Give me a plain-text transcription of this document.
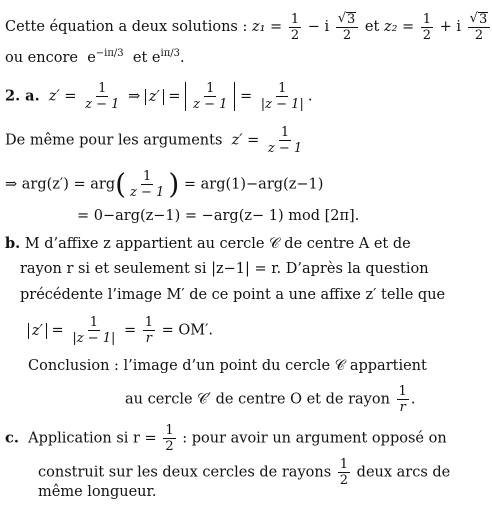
Cette équation a deux solutions : $z_1 = \frac{1}{2} - i \frac{√ 3}{2}$ et $z_2 = \frac{1}{2} + i \frac{√ 3}{2}$
ou encore $e^{-i\pi/3}$ et $e^{i\pi/3}$.
2. a. $z' = \frac{1}{z - 1}$ ⇒ $z' = \frac{1}{z - 1} = \frac{1}{|z - 1|}$ .
De même pour les arguments $z' = \frac{1}{z - 1}$
⇒ $arg(z') = arg( \frac{1}{z - 1}$ ) = arg(1)−arg(z−1)
= 0−arg(z−1) = −arg(z− 1) mod [2π].
b. M d’affixe z appartient au cercle 𝒞 de centre A et de
rayon r si et seulement si |z−1| = r. D’après la question
précédente l’image M′ de ce point a une affixe z′ telle que
$z' = \frac{1}{|z - 1|} = \frac{1}{r} = OM'$.
Conclusion : l’image d’un point du cercle 𝒞 appartient
au cercle 𝒞′ de centre O et de rayon $\frac{1}{r}$ .
c. Application si $r = \frac{1}{2}$ : pour avoir un argument opposé on
construit sur les deux cercles de rayons $\frac{1}{2}$ deux arcs de
même longueur.
